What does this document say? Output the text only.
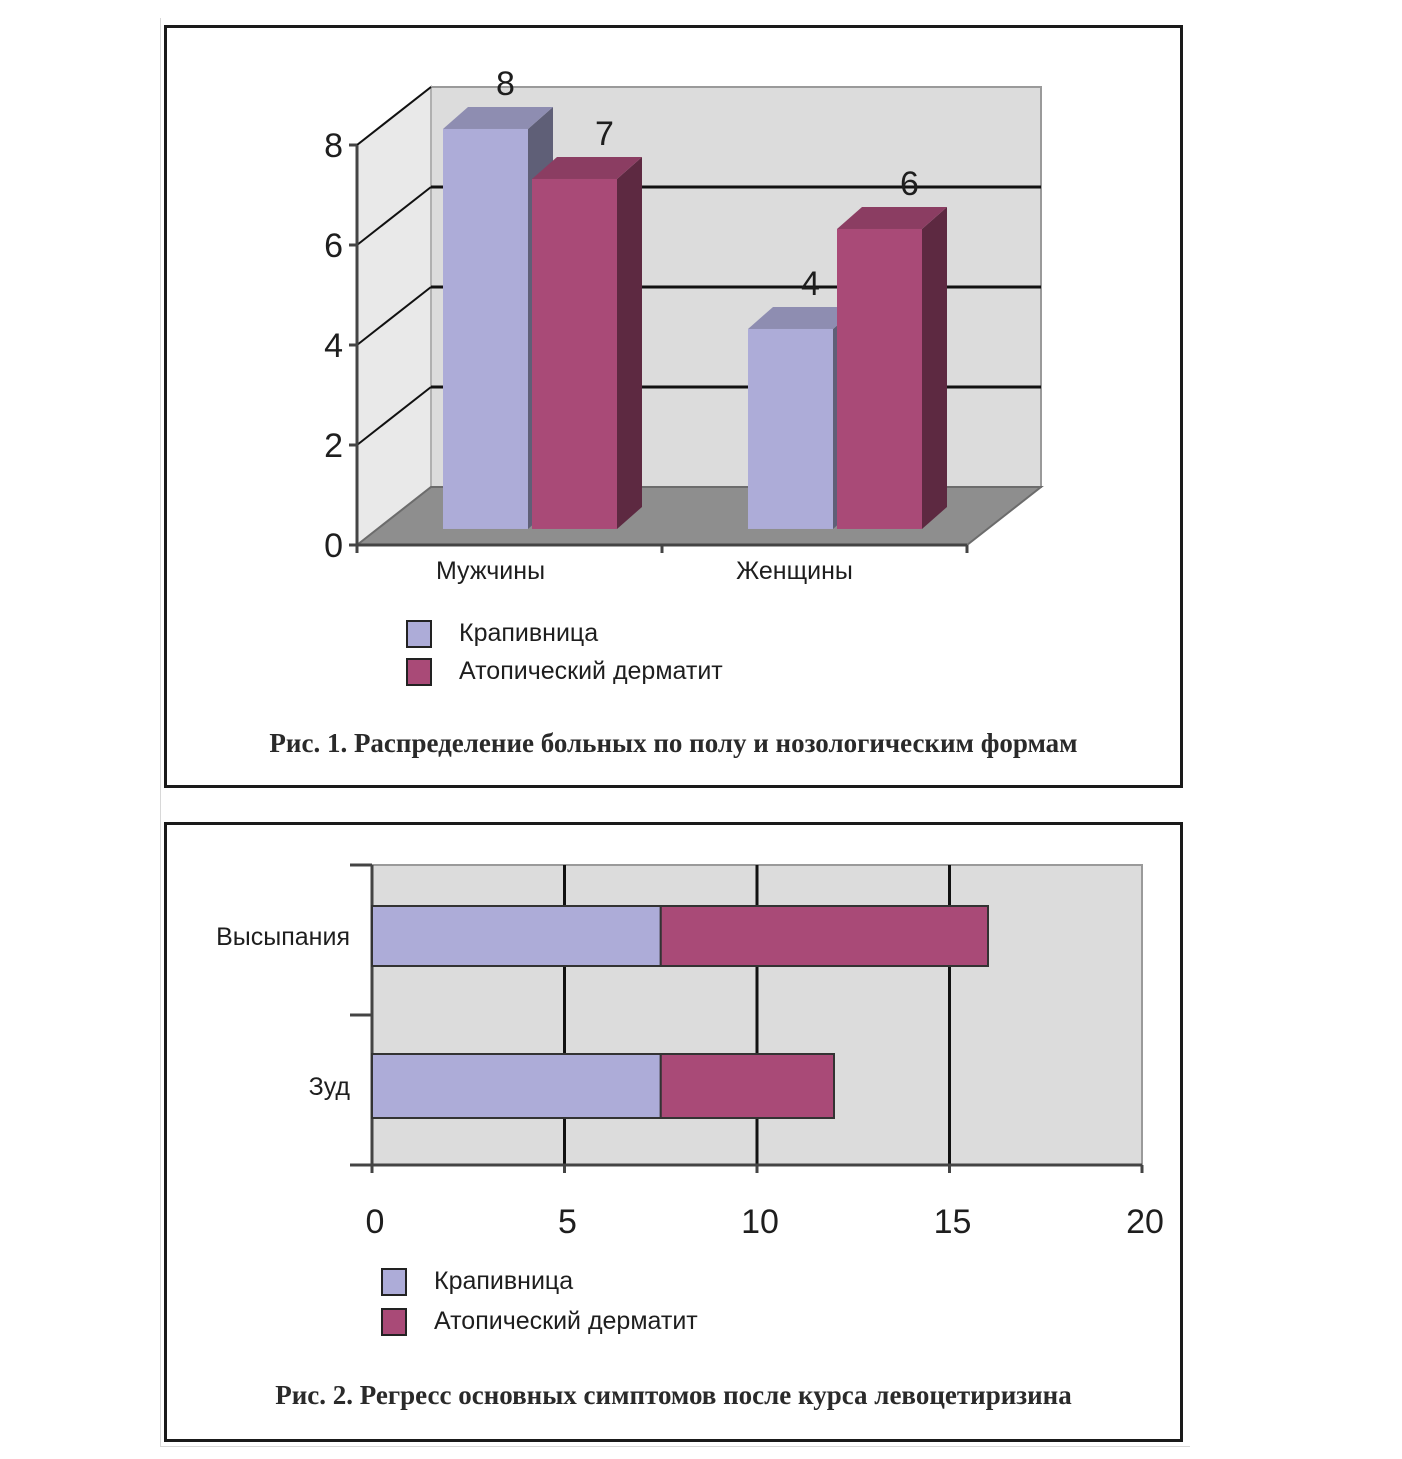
0
2
4
6
8
8
7
Мужчины
4
6
Женщины
Крапивница
Атопический дерматит
Рис. 1. Распределение больных по полу и нозологическим формам
0	5	10	15	20
Высыпания
Зуд
Крапивница
Атопический дерматит
Рис. 2. Регресс основных симптомов после курса левоцетиризина
